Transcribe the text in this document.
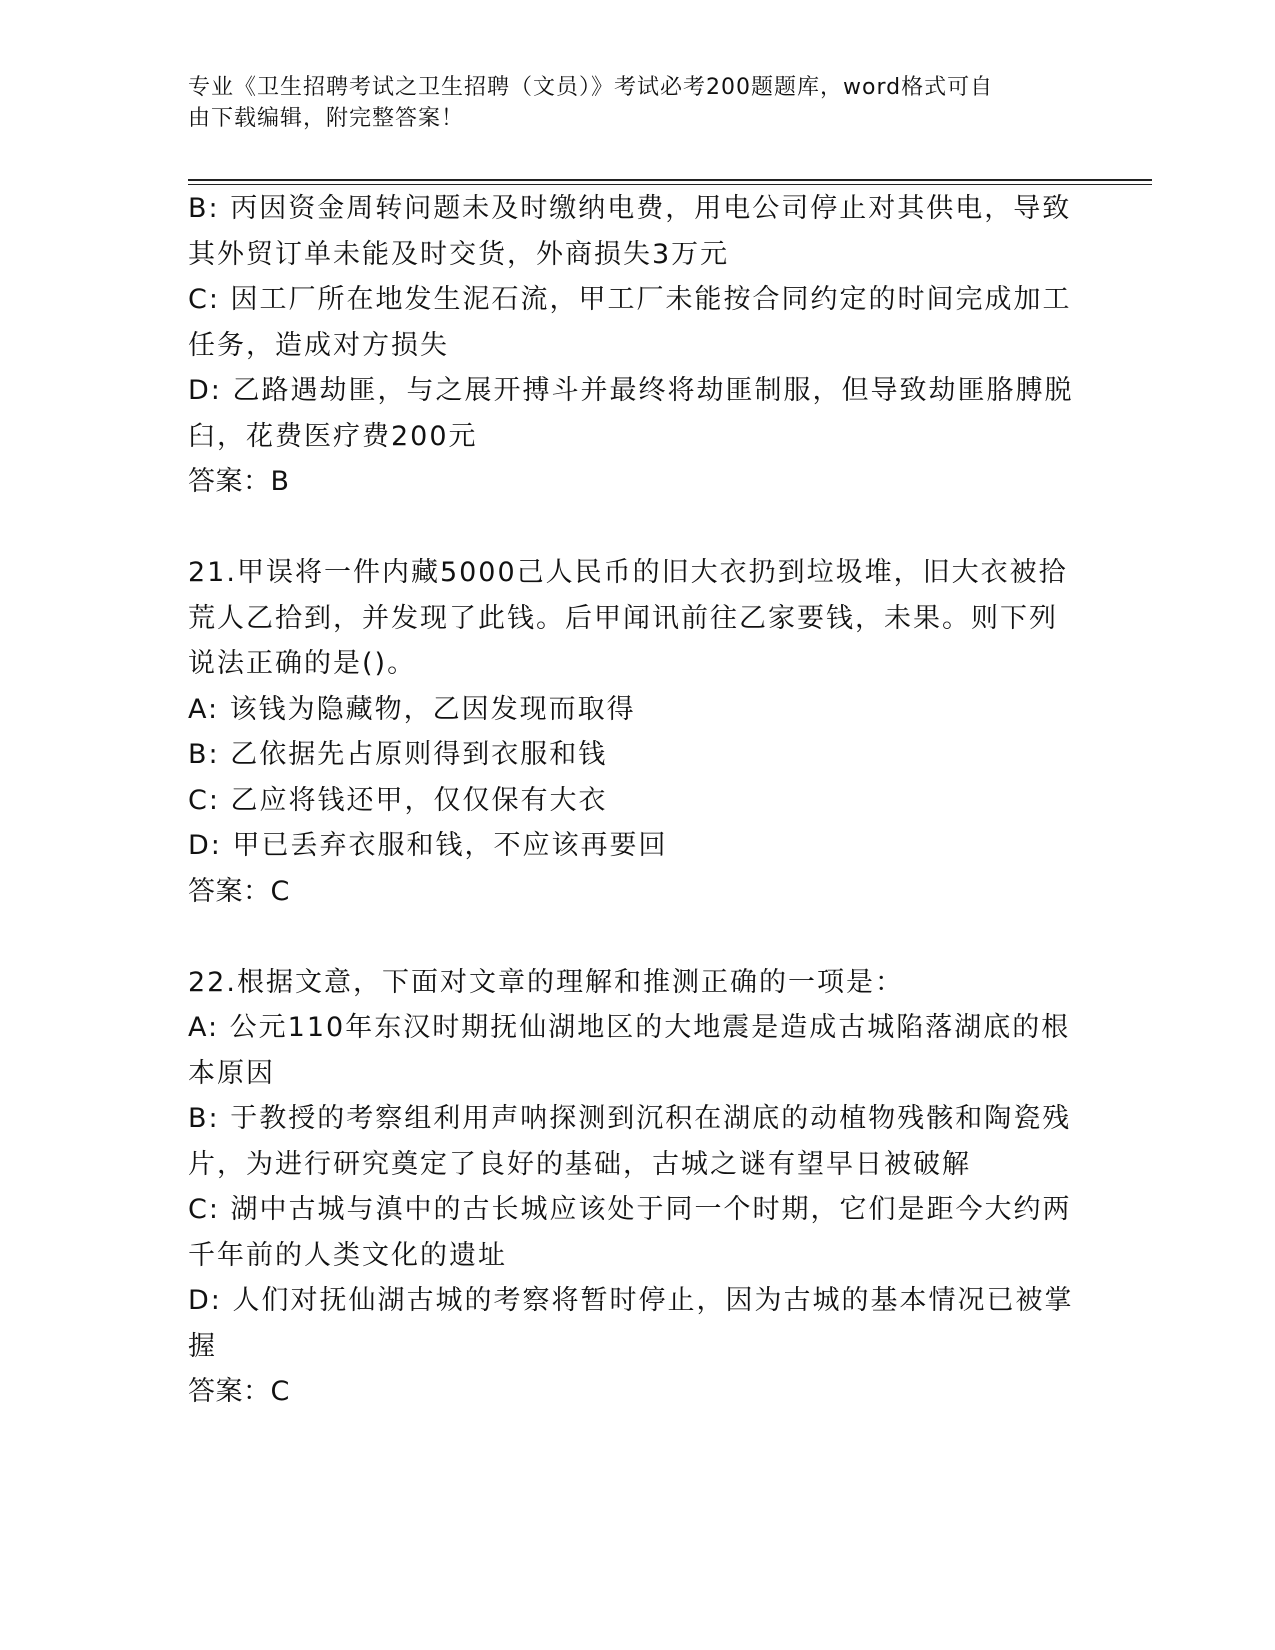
专业《卫生招聘考试之卫生招聘（文员）》考试必考200题题库，word格式可自
由下载编辑，附完整答案！
B: 丙因资金周转问题未及时缴纳电费，用电公司停止对其供电，导致
其外贸订单未能及时交货，外商损失3万元
C: 因工厂所在地发生泥石流，甲工厂未能按合同约定的时间完成加工
任务，造成对方损失
D: 乙路遇劫匪，与之展开搏斗并最终将劫匪制服，但导致劫匪胳膊脱
臼，花费医疗费200元
答案：B
21.甲误将一件内藏5000己人民币的旧大衣扔到垃圾堆，旧大衣被拾
荒人乙拾到，并发现了此钱。后甲闻讯前往乙家要钱，未果。则下列
说法正确的是()。
A: 该钱为隐藏物，乙因发现而取得
B: 乙依据先占原则得到衣服和钱
C: 乙应将钱还甲，仅仅保有大衣
D: 甲已丢弃衣服和钱，不应该再要回
答案：C
22.根据文意，下面对文章的理解和推测正确的一项是：
A: 公元110年东汉时期抚仙湖地区的大地震是造成古城陷落湖底的根
本原因
B: 于教授的考察组利用声呐探测到沉积在湖底的动植物残骸和陶瓷残
片，为进行研究奠定了良好的基础，古城之谜有望早日被破解
C: 湖中古城与滇中的古长城应该处于同一个时期，它们是距今大约两
千年前的人类文化的遗址
D: 人们对抚仙湖古城的考察将暂时停止，因为古城的基本情况已被掌
握
答案：C
